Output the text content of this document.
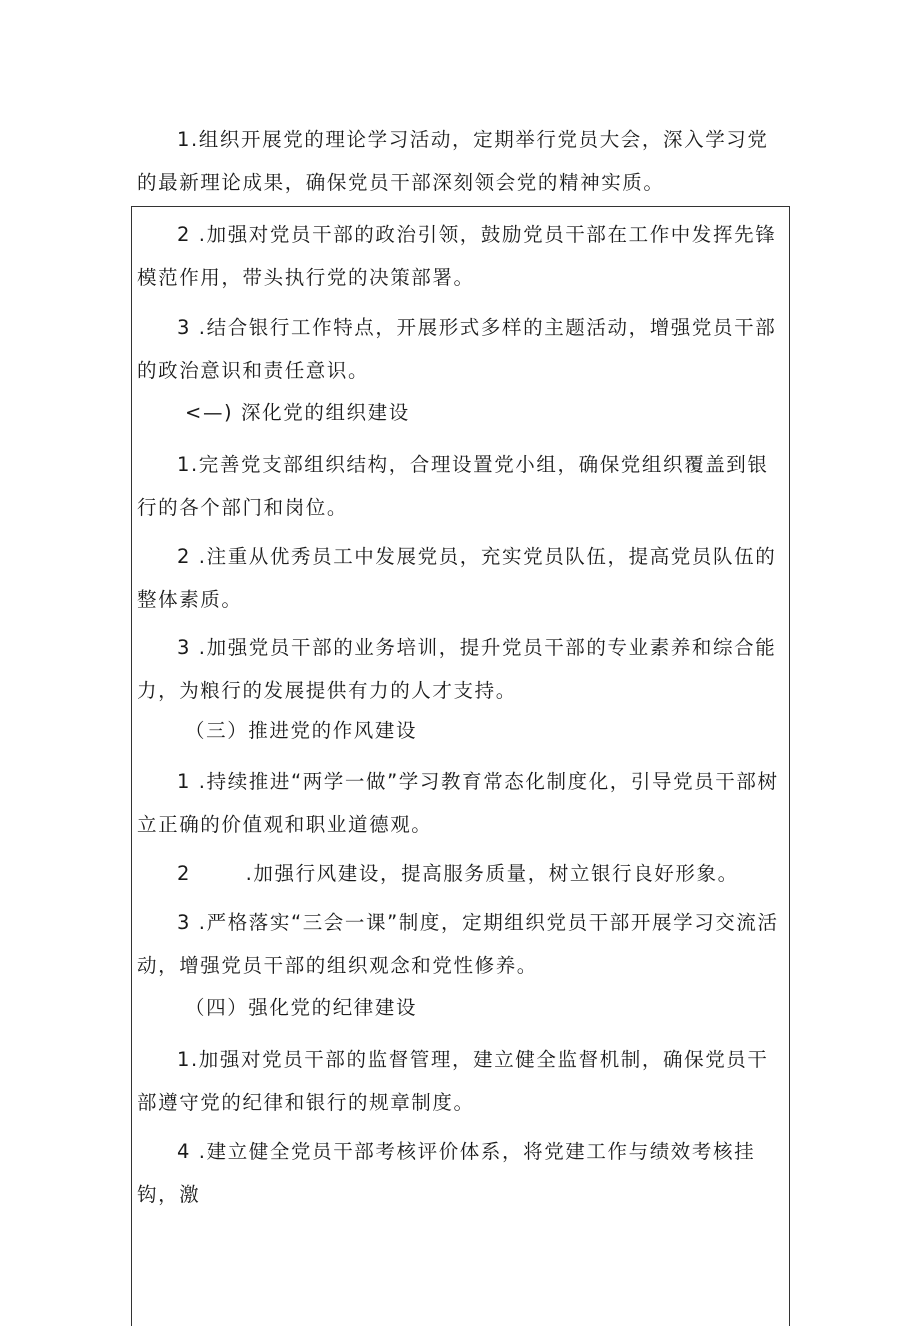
1.组织开展党的理论学习活动，定期举行党员大会，深入学习党的最新理论成果，确保党员干部深刻领会党的精神实质。

2 .加强对党员干部的政治引领，鼓励党员干部在工作中发挥先锋模范作用，带头执行党的决策部署。

3 .结合银行工作特点，开展形式多样的主题活动，增强党员干部的政治意识和责任意识。

<—) 深化党的组织建设

1.完善党支部组织结构，合理设置党小组，确保党组织覆盖到银行的各个部门和岗位。

2 .注重从优秀员工中发展党员，充实党员队伍，提高党员队伍的整体素质。

3 .加强党员干部的业务培训，提升党员干部的专业素养和综合能力，为粮行的发展提供有力的人才支持。

（三）推进党的作风建设

1 .持续推进“两学一做”学习教育常态化制度化，引导党员干部树立正确的价值观和职业道德观。

2       .加强行风建设，提高服务质量，树立银行良好形象。

3 .严格落实“三会一课”制度，定期组织党员干部开展学习交流活动，增强党员干部的组织观念和党性修养。

（四）强化党的纪律建设

1.加强对党员干部的监督管理，建立健全监督机制，确保党员干部遵守党的纪律和银行的规章制度。

4 .建立健全党员干部考核评价体系，将党建工作与绩效考核挂钩，激
